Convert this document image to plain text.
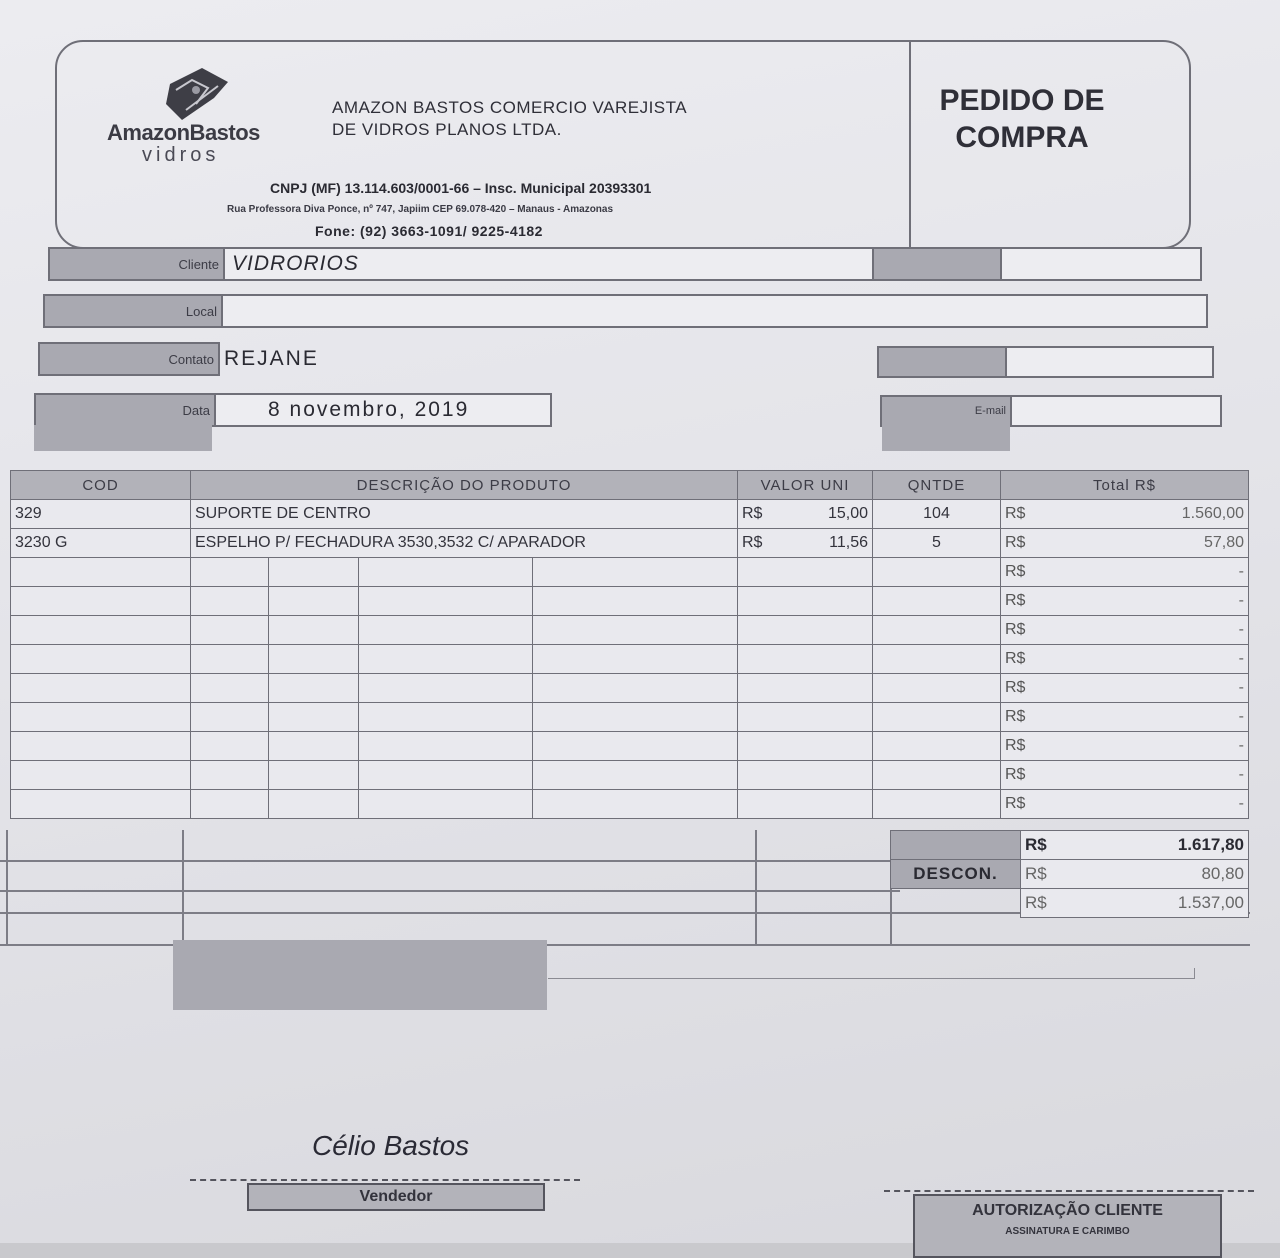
AmazonBastos
vidros
AMAZON BASTOS COMERCIO VAREJISTA
DE VIDROS PLANOS LTDA.
CNPJ (MF) 13.114.603/0001-66 – Insc. Municipal 20393301
Rua Professora Diva Ponce, nº 747, Japiim CEP 69.078-420 – Manaus - Amazonas
Fone: (92) 3663-1091/ 9225-4182
PEDIDO DE
COMPRA
Cliente VIDRORIOS
Local
Contato REJANE
Data	8 novembro, 2019	E-mail
COD	DESCRIÇÃO DO PRODUTO				VALOR UNI	QNTDE	Total R$
329	SUPORTE DE CENTRO				R$ 15,00	104	R$ 1.560,00
3230 G	ESPELHO P/ FECHADURA 3530,3532 C/ APARADOR				R$ 11,56	5	R$ 57,80

							R$ -

							R$ -

							R$ -

							R$ -

							R$ -

							R$ -

							R$ -

							R$ -

							R$ -

	R$ 1.617,80
DESCON.	R$ 80,80

	R$ 1.537,00
Célio Bastos
Vendedor
AUTORIZAÇÃO CLIENTE
ASSINATURA E CARIMBO
